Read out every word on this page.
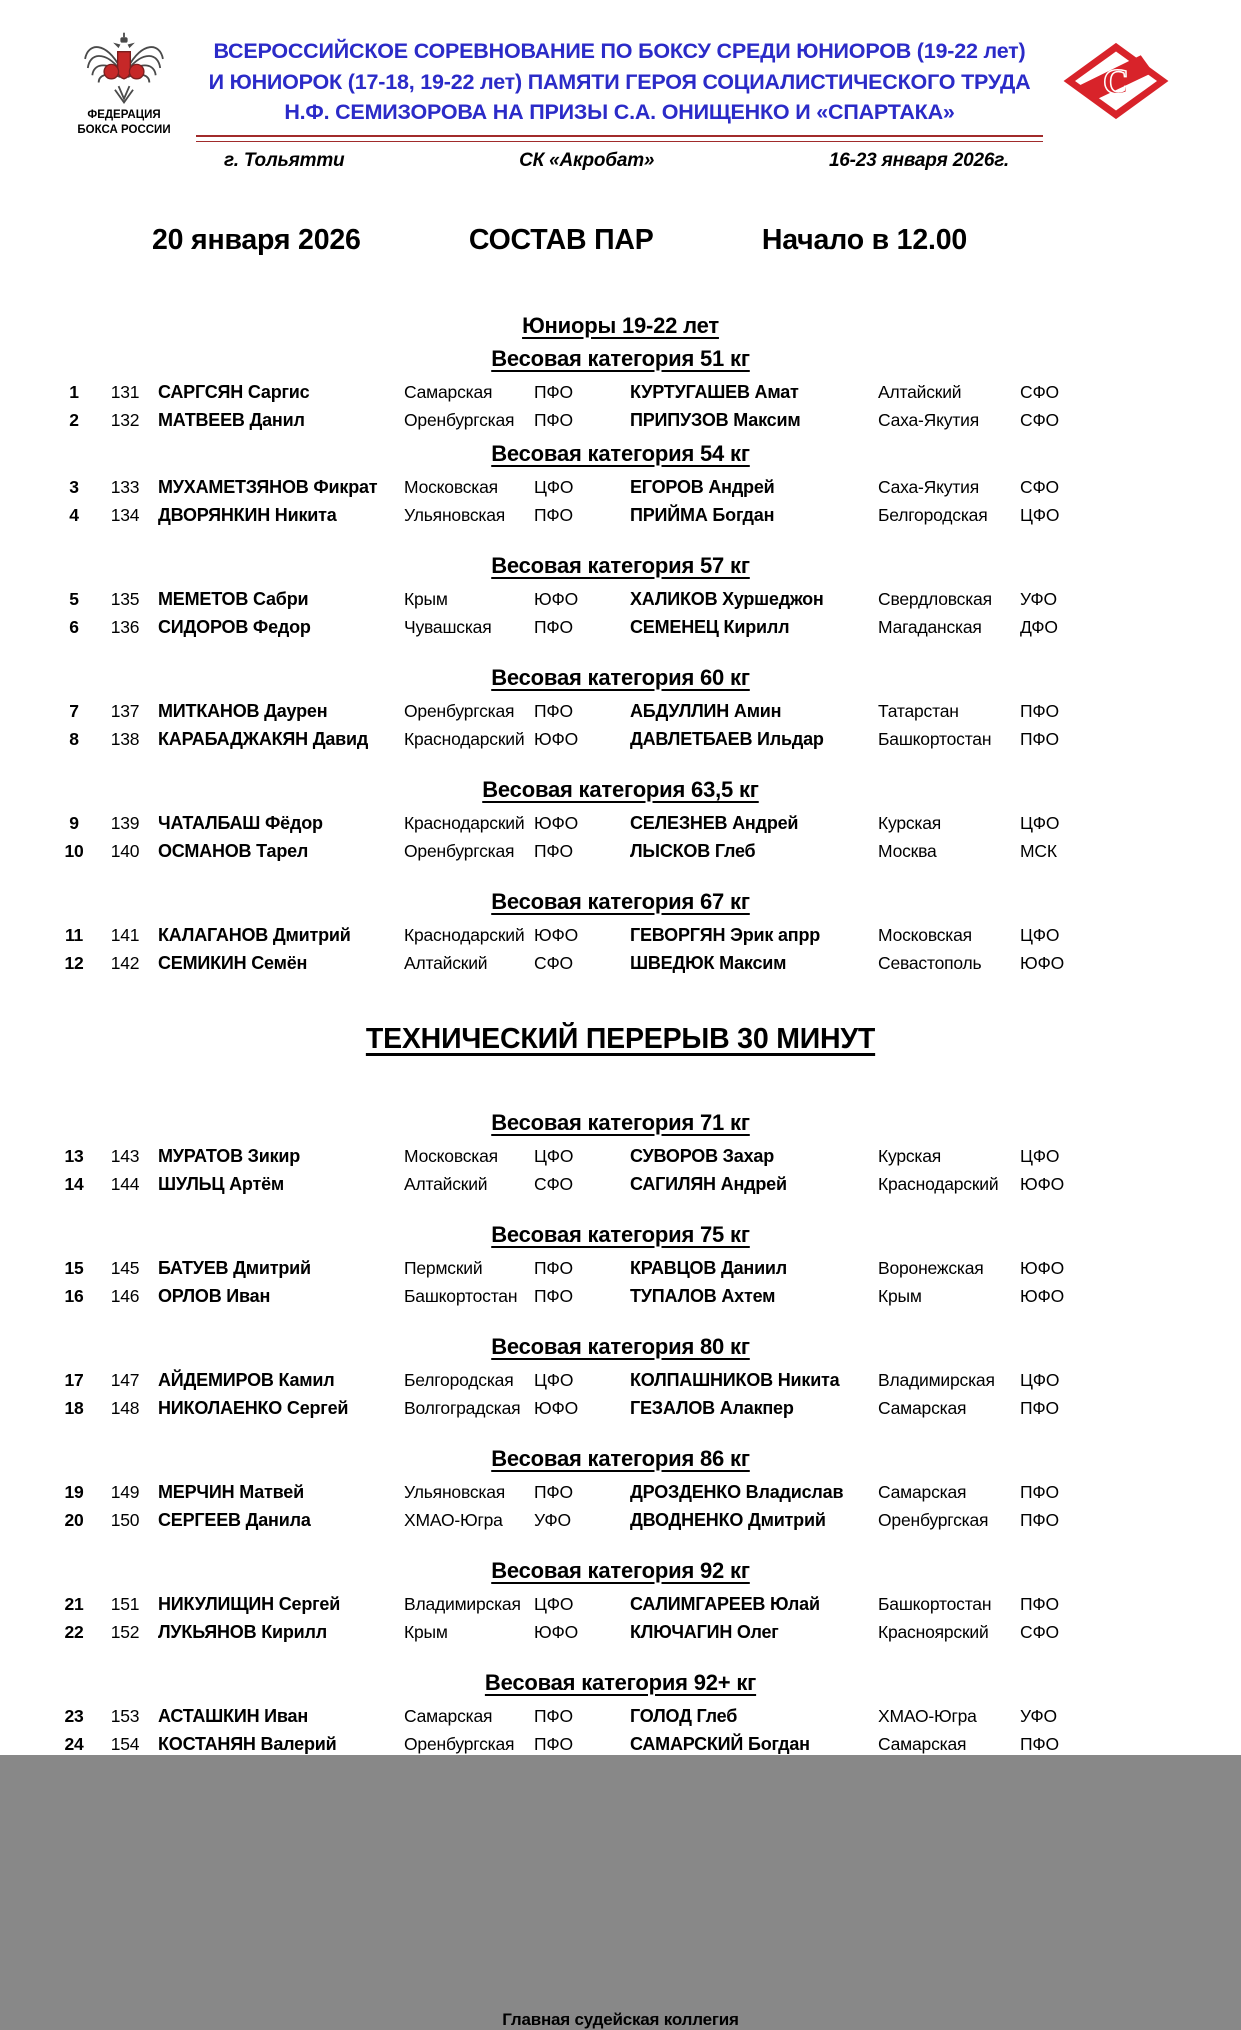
ФЕДЕРАЦИЯ
БОКСА РОССИИ
ВСЕРОССИЙСКОЕ СОРЕВНОВАНИЕ ПО БОКСУ СРЕДИ ЮНИОРОВ (19-22 лет)
И ЮНИОРОК (17-18, 19-22 лет) ПАМЯТИ ГЕРОЯ СОЦИАЛИСТИЧЕСКОГО ТРУДА
Н.Ф. СЕМИЗОРОВА НА ПРИЗЫ С.А. ОНИЩЕНКО И «СПАРТАКА»
г. Тольятти	СК «Акробат»	16-23 января 2026г.
С
20 января 2026	СОСТАВ ПАР	Начало в 12.00
Юниоры 19-22 лет
Весовая категория 51 кг
1	131	САРГСЯН Саргис	Самарская	ПФО	КУРТУГАШЕВ Амат	Алтайский	СФО
2	132	МАТВЕЕВ Данил	Оренбургская	ПФО	ПРИПУЗОВ Максим	Саха-Якутия	СФО
Весовая категория 54 кг
3	133	МУХАМЕТЗЯНОВ Фикрат	Московская	ЦФО	ЕГОРОВ Андрей	Саха-Якутия	СФО
4	134	ДВОРЯНКИН Никита	Ульяновская	ПФО	ПРИЙМА Богдан	Белгородская	ЦФО
Весовая категория 57 кг
5	135	МЕМЕТОВ Сабри	Крым	ЮФО	ХАЛИКОВ Хуршеджон	Свердловская	УФО
6	136	СИДОРОВ Федор	Чувашская	ПФО	СЕМЕНЕЦ Кирилл	Магаданская	ДФО
Весовая категория 60 кг
7	137	МИТКАНОВ Даурен	Оренбургская	ПФО	АБДУЛЛИН Амин	Татарстан	ПФО
8	138	КАРАБАДЖАКЯН Давид	Краснодарский ЮФО	ДАВЛЕТБАЕВ Ильдар	Башкортостан	ПФО
Весовая категория 63,5 кг
9	139	ЧАТАЛБАШ Фёдор	Краснодарский ЮФО	СЕЛЕЗНЕВ Андрей	Курская	ЦФО
10	140	ОСМАНОВ Тарел	Оренбургская	ПФО	ЛЫСКОВ Глеб	Москва	МСК
Весовая категория 67 кг
11	141	КАЛАГАНОВ Дмитрий	Краснодарский ЮФО	ГЕВОРГЯН Эрик апрр	Московская	ЦФО
12	142	СЕМИКИН Семён	Алтайский	СФО	ШВЕДЮК Максим	Севастополь	ЮФО
ТЕХНИЧЕСКИЙ ПЕРЕРЫВ 30 МИНУТ
Весовая категория 71 кг
13	143	МУРАТОВ Зикир	Московская	ЦФО	СУВОРОВ Захар	Курская	ЦФО
14	144	ШУЛЬЦ Артём	Алтайский	СФО	САГИЛЯН Андрей	Краснодарский	ЮФО
Весовая категория 75 кг
15	145	БАТУЕВ Дмитрий	Пермский	ПФО	КРАВЦОВ Даниил	Воронежская	ЮФО
16	146	ОРЛОВ Иван	Башкортостан ПФО	ТУПАЛОВ Ахтем	Крым	ЮФО
Весовая категория 80 кг
17	147	АЙДЕМИРОВ Камил	Белгородская	ЦФО	КОЛПАШНИКОВ Никита	Владимирская	ЦФО
18	148	НИКОЛАЕНКО Сергей	Волгоградская ЮФО	ГЕЗАЛОВ Алакпер	Самарская	ПФО
Весовая категория 86 кг
19	149	МЕРЧИН Матвей	Ульяновская	ПФО	ДРОЗДЕНКО Владислав	Самарская	ПФО
20	150	СЕРГЕЕВ Данила	ХМАО-Югра	УФО	ДВОДНЕНКО Дмитрий	Оренбургская	ПФО
Весовая категория 92 кг
21	151	НИКУЛИЩИН Сергей	Владимирская ЦФО	САЛИМГАРЕЕВ Юлай	Башкортостан	ПФО
22	152	ЛУКЬЯНОВ Кирилл	Крым	ЮФО	КЛЮЧАГИН Олег	Красноярский	СФО
Весовая категория 92+ кг
23	153	АСТАШКИН Иван	Самарская	ПФО	ГОЛОД Глеб	ХМАО-Югра	УФО
24	154	КОСТАНЯН Валерий	Оренбургская	ПФО	САМАРСКИЙ Богдан	Самарская	ПФО
Главная судейская коллегия
